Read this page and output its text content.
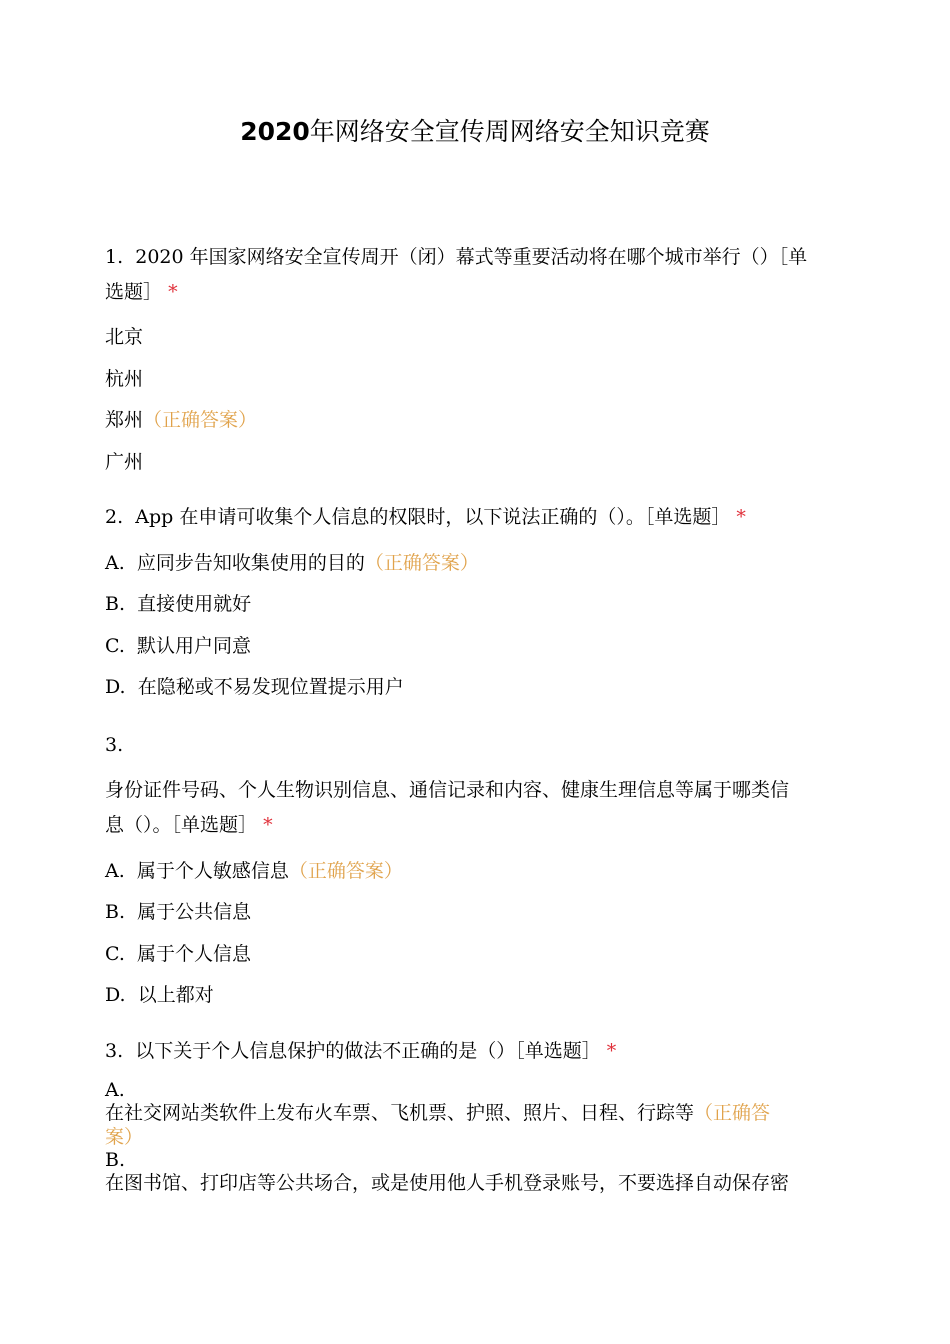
2020年网络安全宣传周网络安全知识竞赛
1. 2020 年国家网络安全宣传周开（闭）幕式等重要活动将在哪个城市举行（）［单
选题］ *
北京
杭州
郑州（正确答案）
广州
2. App 在申请可收集个人信息的权限时，以下说法正确的（）。［单选题］ *
A. 应同步告知收集使用的目的（正确答案）
B. 直接使用就好
C. 默认用户同意
D. 在隐秘或不易发现位置提示用户
3.
身份证件号码、个人生物识别信息、通信记录和内容、健康生理信息等属于哪类信
息（）。［单选题］ *
A. 属于个人敏感信息（正确答案）
B. 属于公共信息
C. 属于个人信息
D. 以上都对
3. 以下关于个人信息保护的做法不正确的是（）［单选题］ *
A.
在社交网站类软件上发布火车票、飞机票、护照、照片、日程、行踪等（正确答
案）
B.
在图书馆、打印店等公共场合，或是使用他人手机登录账号，不要选择自动保存密
